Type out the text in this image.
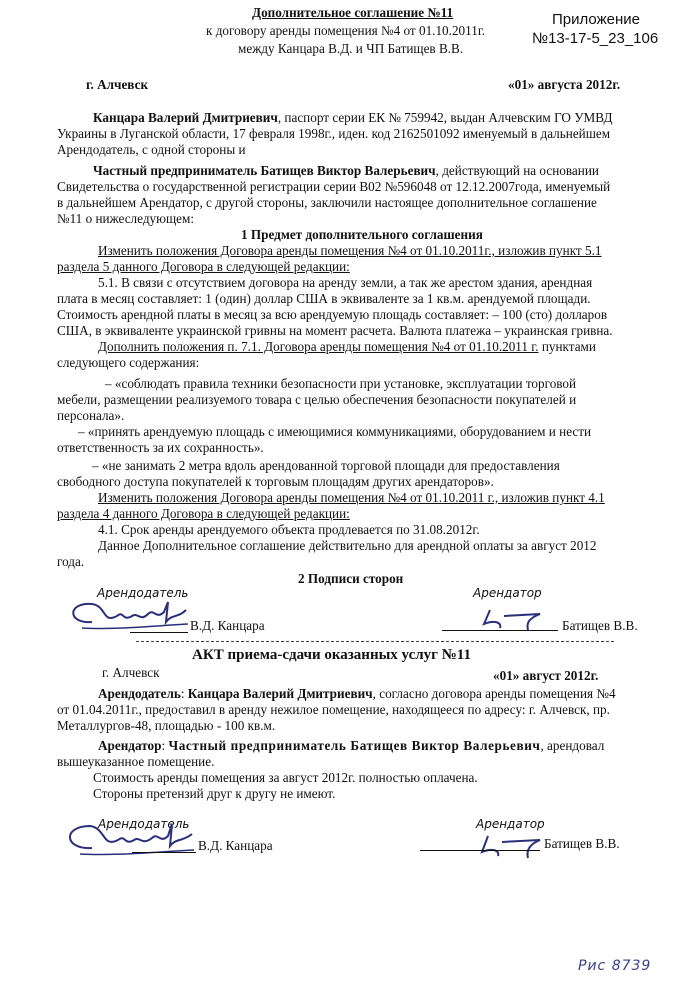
Дополнительное соглашение №11
к договору аренды помещения №4 от 01.10.2011г.
между Канцара В.Д. и ЧП Батищев В.В.
Приложение
№13-17-5_23_106
г. Алчевск	«01» августа 2012г.
Канцара Валерий Дмитриевич, паспорт серии ЕК № 759942, выдан Алчевским ГО УМВД
Украины в Луганской области, 17 февраля 1998г., иден. код 2162501092 именуемый в дальнейшем
Арендодатель, с одной стороны и
Частный предприниматель Батищев Виктор Валерьевич, действующий на основании
Свидетельства о государственной регистрации серии В02 №596048 от 12.12.2007года, именуемый
в дальнейшем Арендатор, с другой стороны, заключили настоящее дополнительное соглашение
№11 о нижеследующем:
1 Предмет дополнительного соглашения
Изменить положения Договора аренды помещения №4 от 01.10.2011г., изложив пункт 5.1
раздела 5 данного Договора в следующей редакции:
5.1. В связи с отсутствием договора на аренду земли, а так же арестом здания, арендная
плата в месяц составляет: 1 (один) доллар США в эквиваленте за 1 кв.м. арендуемой площади.
Стоимость арендной платы в месяц за всю арендуемую площадь составляет: – 100 (сто) долларов
США, в эквиваленте украинской гривны на момент расчета. Валюта платежа – украинская гривна.
Дополнить положения п. 7.1. Договора аренды помещения №4 от 01.10.2011 г. пунктами
следующего содержания:
– «соблюдать правила техники безопасности при установке, эксплуатации торговой
мебели, размещении реализуемого товара с целью обеспечения безопасности покупателей и
персонала».
– «принять арендуемую площадь с имеющимися коммуникациями, оборудованием и нести
ответственность за их сохранность».
– «не занимать 2 метра вдоль арендованной торговой площади для предоставления
свободного доступа покупателей к торговым площадям других арендаторов».
Изменить положения Договора аренды помещения №4 от 01.10.2011 г., изложив пункт 4.1
раздела 4 данного Договора в следующей редакции:
4.1. Срок аренды арендуемого объекта продлевается по 31.08.2012г.
Данное Дополнительное соглашение действительно для арендной оплаты за август 2012
года.
2 Подписи сторон
Арендодатель
В.Д. Канцара
Арендатор
Батищев В.В.
АКТ приема-сдачи оказанных услуг №11
г. Алчевск	«01» август 2012г.
Арендодатель: Канцара Валерий Дмитриевич, согласно договора аренды помещения №4
от 01.04.2011г., предоставил в аренду нежилое помещение, находящееся по адресу: г. Алчевск, пр.
Металлургов-48, площадью - 100 кв.м.
Арендатор: Частный предприниматель Батищев Виктор Валерьевич, арендовал
вышеуказанное помещение.
Стоимость аренды помещения за август 2012г. полностью оплачена.
Стороны претензий друг к другу не имеют.
Арендодатель
В.Д. Канцара
Арендатор
Батищев В.В.
Рис 8739
